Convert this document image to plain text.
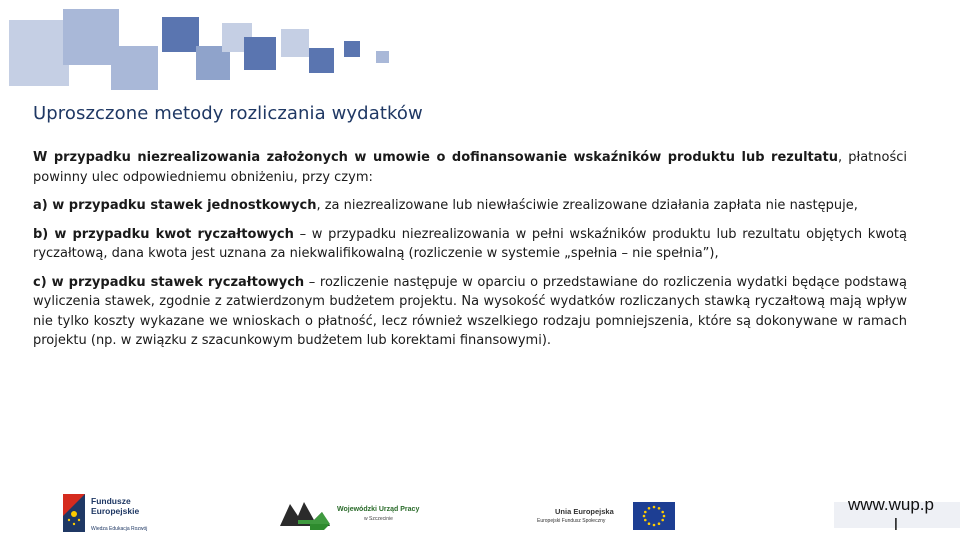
Uproszczone metody rozliczania wydatków

W przypadku niezrealizowania założonych w umowie o dofinansowanie wskaźników produktu lub rezultatu, płatności powinny ulec odpowiedniemu obniżeniu, przy czym:

a) w przypadku stawek jednostkowych, za niezrealizowane lub niewłaściwie zrealizowane działania zapłata nie następuje,

b) w przypadku kwot ryczałtowych – w przypadku niezrealizowania w pełni wskaźników produktu lub rezultatu objętych kwotą ryczałtową, dana kwota jest uznana za niekwalifikowalną (rozliczenie w systemie „spełnia – nie spełnia”),

c) w przypadku stawek ryczałtowych – rozliczenie następuje w oparciu o przedstawiane do rozliczenia wydatki będące podstawą wyliczenia stawek, zgodnie z zatwierdzonym budżetem projektu. Na wysokość wydatków rozliczanych stawką ryczałtową mają wpływ nie tylko koszty wykazane we wnioskach o płatność, lecz również wszelkiego rodzaju pomniejszenia, które są dokonywane w ramach projektu (np. w związku z szacunkowym budżetem lub korektami finansowymi).

Fundusze
Europejskie
Wiedza Edukacja Rozwój
Wojewódzki Urząd Pracy
w Szczecinie
Unia Europejska
Europejski Fundusz Społeczny
www.wup.p
l
